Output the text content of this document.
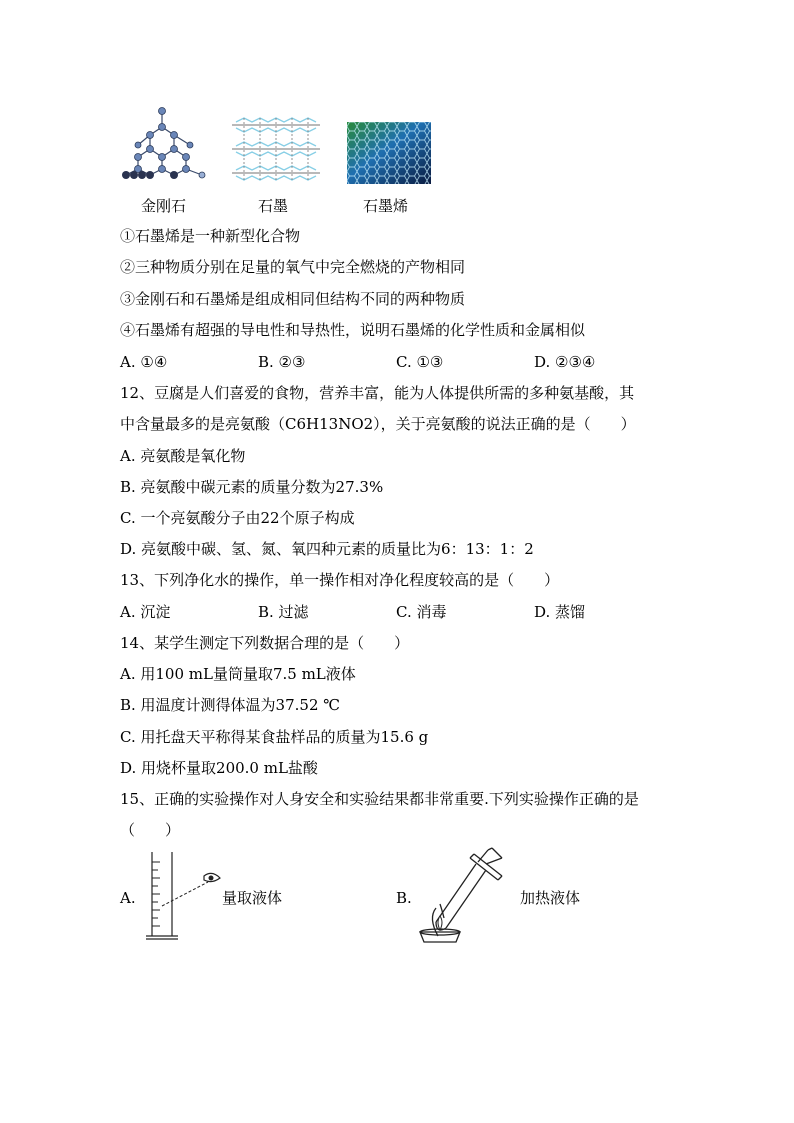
金刚石	石墨	石墨烯
①石墨烯是一种新型化合物
②三种物质分别在足量的氧气中完全燃烧的产物相同
③金刚石和石墨烯是组成相同但结构不同的两种物质
④石墨烯有超强的导电性和导热性，说明石墨烯的化学性质和金属相似
A. ①④	B. ②③	C. ①③	D. ②③④
12、豆腐是人们喜爱的食物，营养丰富，能为人体提供所需的多种氨基酸，其
中含量最多的是亮氨酸（C6H13NO2），关于亮氨酸的说法正确的是（　　）
A. 亮氨酸是氧化物
B. 亮氨酸中碳元素的质量分数为27.3%
C. 一个亮氨酸分子由22个原子构成
D. 亮氨酸中碳、氢、氮、氧四种元素的质量比为6：13：1：2
13、下列净化水的操作，单一操作相对净化程度较高的是（　　）
A. 沉淀	B. 过滤	C. 消毒	D. 蒸馏
14、某学生测定下列数据合理的是（　　）
A. 用100 mL量筒量取7.5 mL液体
B. 用温度计测得体温为37.52 ℃
C. 用托盘天平称得某食盐样品的质量为15.6 g
D. 用烧杯量取200.0 mL盐酸
15、正确的实验操作对人身安全和实验结果都非常重要.下列实验操作正确的是
（　　）
A.	量取液体	B.	加热液体
